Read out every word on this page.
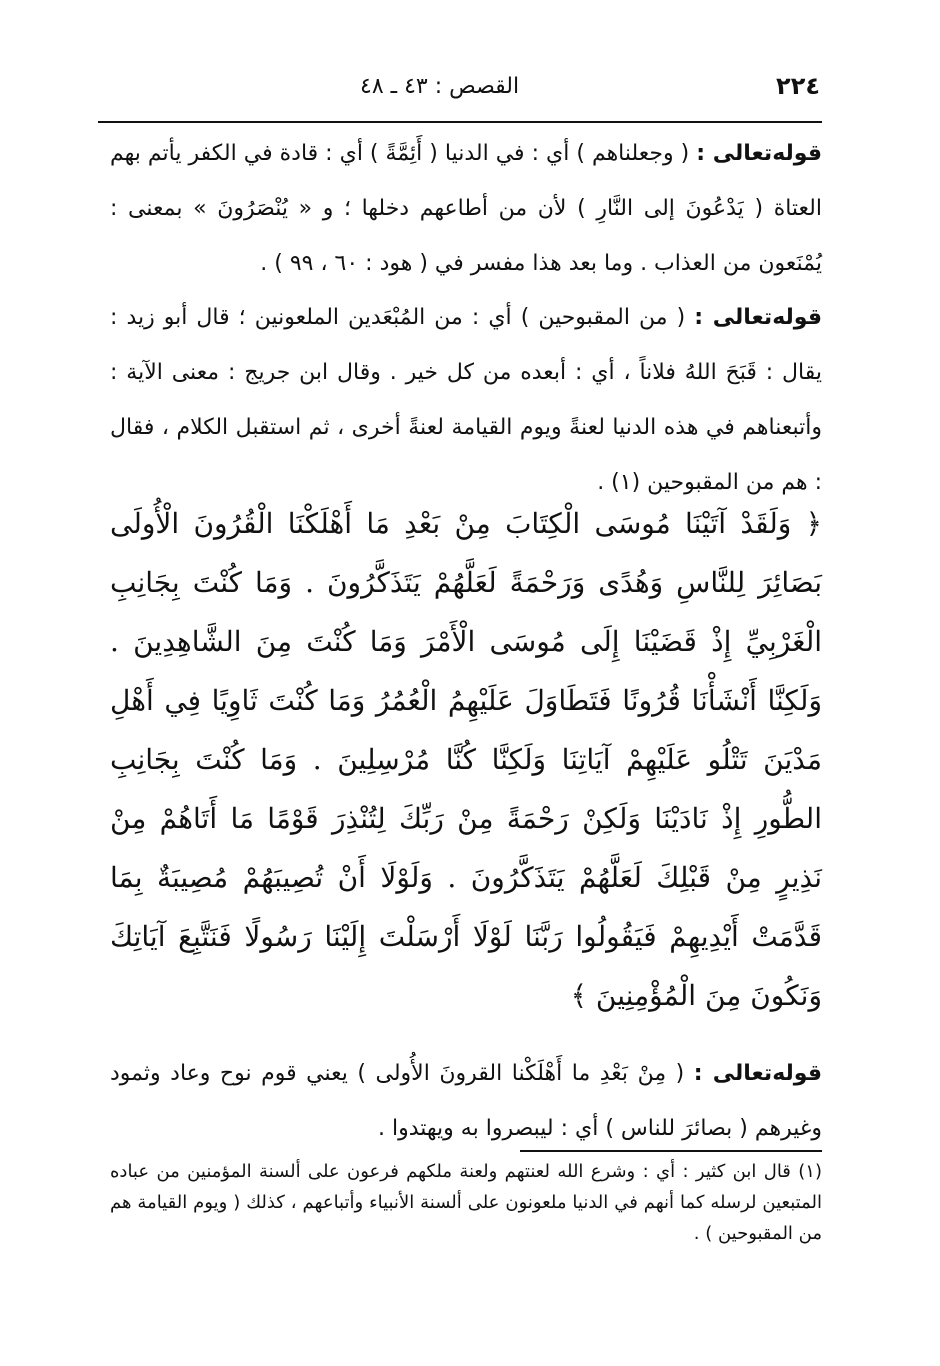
٢٢٤
القصص : ٤٣ ـ ٤٨
قوله‌تعالى : ( وجعلناهم ) أي : في الدنيا ( أَئِمَّةً ) أي : قادة في الكفر يأتم بهم العتاة ( يَدْعُونَ إلى النَّارِ ) لأن من أطاعهم دخلها ؛ و « يُنْصَرُونَ » بمعنى : يُمْنَعون من العذاب . وما بعد هذا مفسر في ( هود : ٦٠ ، ٩٩ ) .
قوله‌تعالى : ( من المقبوحين ) أي : من المُبْعَدين الملعونين ؛ قال أبو زيد : يقال : قَبَحَ اللهُ فلاناً ، أي : أبعده من كل خير . وقال ابن جريج : معنى الآية : وأتبعناهم في هذه الدنيا لعنةً ويوم القيامة لعنةً أخرى ، ثم استقبل الكلام ، فقال : هم من المقبوحين (١) .
﴿ وَلَقَدْ آتَيْنَا مُوسَى الْكِتَابَ مِنْ بَعْدِ مَا أَهْلَكْنَا الْقُرُونَ الْأُولَى بَصَائِرَ لِلنَّاسِ وَهُدًى وَرَحْمَةً لَعَلَّهُمْ يَتَذَكَّرُونَ . وَمَا كُنْتَ بِجَانِبِ الْغَرْبِيِّ إِذْ قَضَيْنَا إِلَى مُوسَى الْأَمْرَ وَمَا كُنْتَ مِنَ الشَّاهِدِينَ . وَلَكِنَّا أَنْشَأْنَا قُرُونًا فَتَطَاوَلَ عَلَيْهِمُ الْعُمُرُ وَمَا كُنْتَ ثَاوِيًا فِي أَهْلِ مَدْيَنَ تَتْلُو عَلَيْهِمْ آيَاتِنَا وَلَكِنَّا كُنَّا مُرْسِلِينَ . وَمَا كُنْتَ بِجَانِبِ الطُّورِ إِذْ نَادَيْنَا وَلَكِنْ رَحْمَةً مِنْ رَبِّكَ لِتُنْذِرَ قَوْمًا مَا أَتَاهُمْ مِنْ نَذِيرٍ مِنْ قَبْلِكَ لَعَلَّهُمْ يَتَذَكَّرُونَ . وَلَوْلَا أَنْ تُصِيبَهُمْ مُصِيبَةٌ بِمَا قَدَّمَتْ أَيْدِيهِمْ فَيَقُولُوا رَبَّنَا لَوْلَا أَرْسَلْتَ إِلَيْنَا رَسُولًا فَنَتَّبِعَ آيَاتِكَ وَنَكُونَ مِنَ الْمُؤْمِنِينَ ﴾
قوله‌تعالى : ( مِنْ بَعْدِ ما أَهْلَكْنا القرونَ الأُولى ) يعني قوم نوح وعاد وثمود وغيرهم ( بصائرَ للناس ) أي : ليبصروا به ويهتدوا .
(١) قال ابن كثير : أي : وشرع الله لعنتهم ولعنة ملكهم فرعون على ألسنة المؤمنين من عباده المتبعين لرسله كما أنهم في الدنيا ملعونون على ألسنة الأنبياء وأتباعهم ، كذلك ( ويوم القيامة هم من المقبوحين ) .
